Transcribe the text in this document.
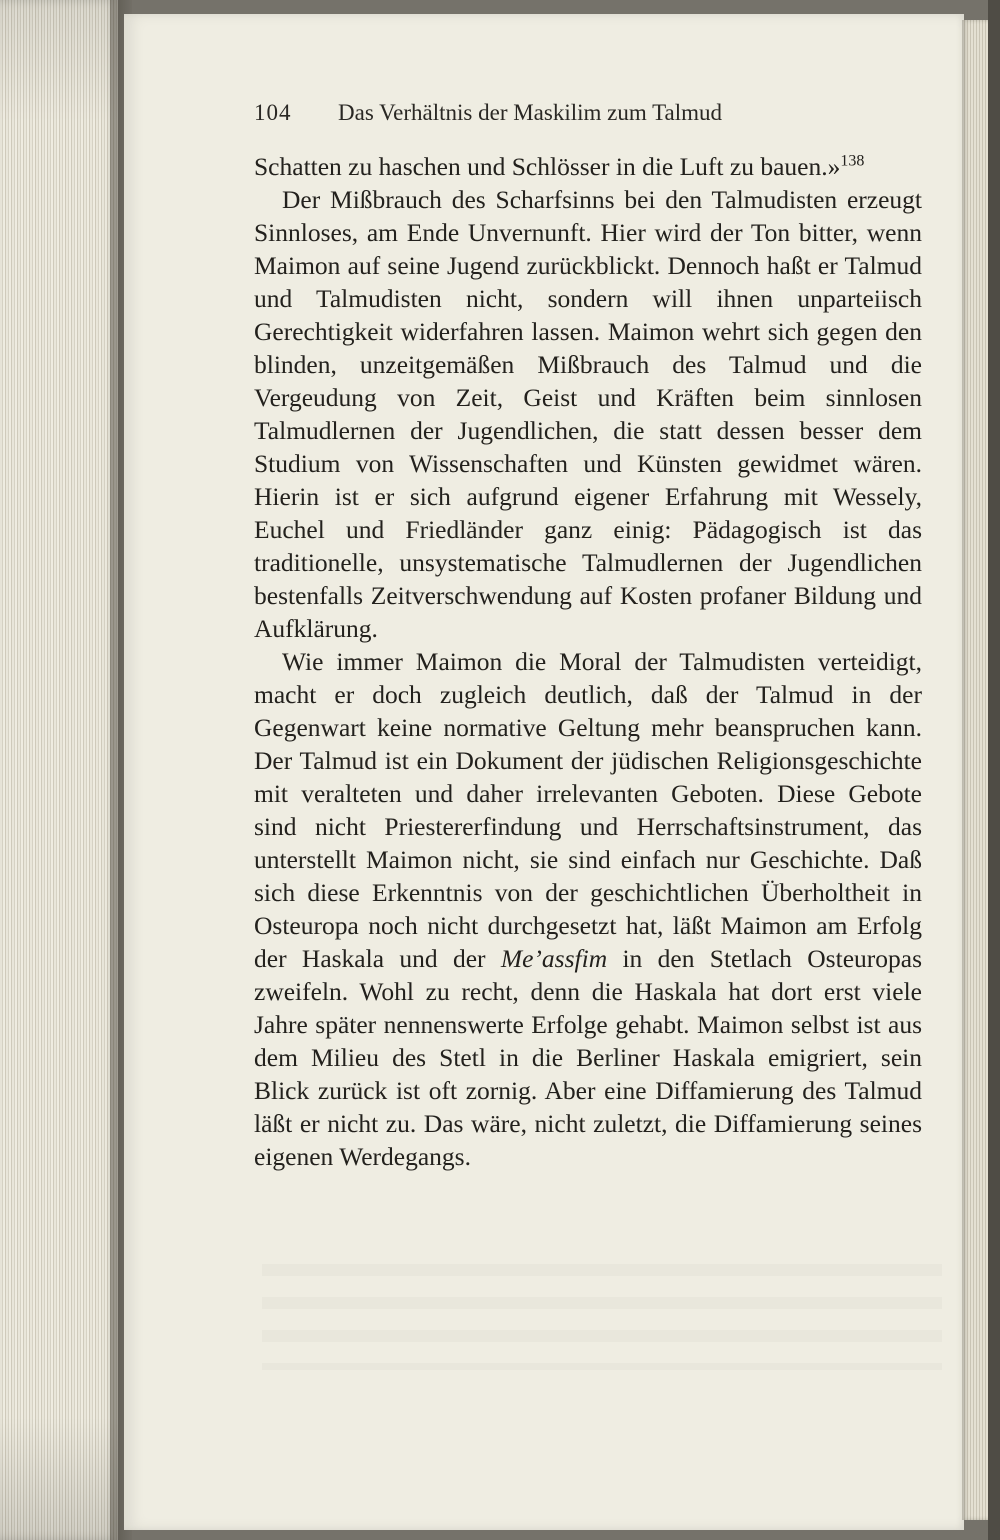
104 Das Verhältnis der Maskilim zum Talmud

Schatten zu haschen und Schlösser in die Luft zu bauen.»$^{138}$

Der Mißbrauch des Scharfsinns bei den Talmudisten erzeugt Sinnloses, am Ende Unvernunft. Hier wird der Ton bitter, wenn Maimon auf seine Jugend zurückblickt. Dennoch haßt er Talmud und Talmudisten nicht, sondern will ihnen unparteiisch Gerechtigkeit widerfahren lassen. Maimon wehrt sich gegen den blinden, unzeitgemäßen Mißbrauch des Talmud und die Vergeudung von Zeit, Geist und Kräften beim sinnlosen Talmudlernen der Jugendlichen, die statt dessen besser dem Studium von Wissenschaften und Künsten gewidmet wären. Hierin ist er sich aufgrund eigener Erfahrung mit Wessely, Euchel und Friedländer ganz einig: Pädagogisch ist das traditionelle, unsystematische Talmudlernen der Jugendlichen bestenfalls Zeitverschwendung auf Kosten profaner Bildung und Aufklärung.

Wie immer Maimon die Moral der Talmudisten verteidigt, macht er doch zugleich deutlich, daß der Talmud in der Gegenwart keine normative Geltung mehr beanspruchen kann. Der Talmud ist ein Dokument der jüdischen Religionsgeschichte mit veralteten und daher irrelevanten Geboten. Diese Gebote sind nicht Priestererfindung und Herrschaftsinstrument, das unterstellt Maimon nicht, sie sind einfach nur Geschichte. Daß sich diese Erkenntnis von der geschichtlichen Überholtheit in Osteuropa noch nicht durchgesetzt hat, läßt Maimon am Erfolg der Haskala und der Me’assfim in den Stetlach Osteuropas zweifeln. Wohl zu recht, denn die Haskala hat dort erst viele Jahre später nennenswerte Erfolge gehabt. Maimon selbst ist aus dem Milieu des Stetl in die Berliner Haskala emigriert, sein Blick zurück ist oft zornig. Aber eine Diffamierung des Talmud läßt er nicht zu. Das wäre, nicht zuletzt, die Diffamierung seines eigenen Werdegangs.
